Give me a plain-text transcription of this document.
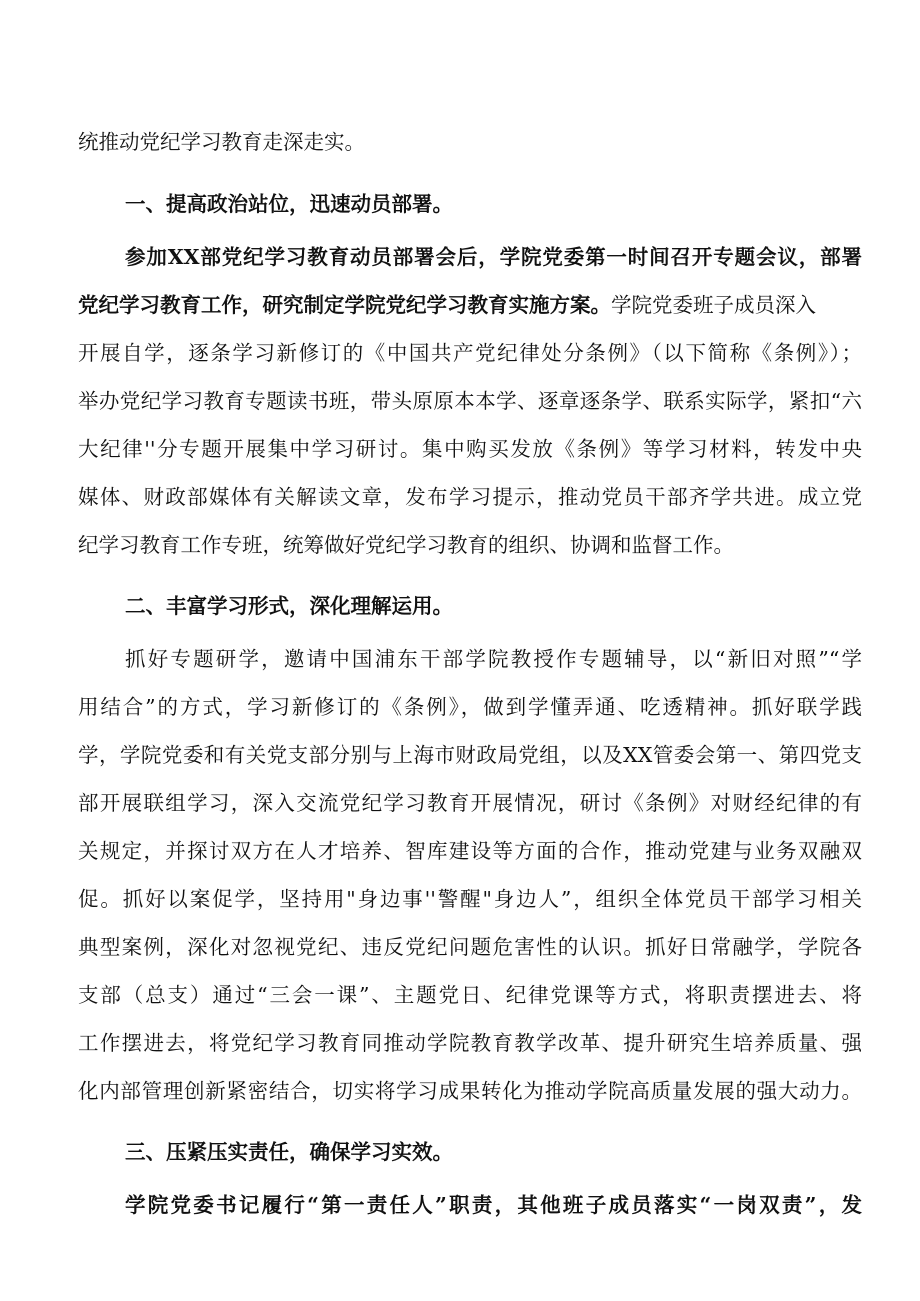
统推动党纪学习教育走深走实。
一、提高政治站位，迅速动员部署。
参加XX部党纪学习教育动员部署会后，学院党委第一时间召开专题会议，部署
党纪学习教育工作，研究制定学院党纪学习教育实施方案。学院党委班子成员深入
开展自学，逐条学习新修订的《中国共产党纪律处分条例》（以下简称《条例》）；
举办党纪学习教育专题读书班，带头原原本本学、逐章逐条学、联系实际学，紧扣“六
大纪律''分专题开展集中学习研讨。集中购买发放《条例》等学习材料，转发中央
媒体、财政部媒体有关解读文章，发布学习提示，推动党员干部齐学共进。成立党
纪学习教育工作专班，统筹做好党纪学习教育的组织、协调和监督工作。
二、丰富学习形式，深化理解运用。
抓好专题研学，邀请中国浦东干部学院教授作专题辅导，以“新旧对照”“学
用结合”的方式，学习新修订的《条例》，做到学懂弄通、吃透精神。抓好联学践
学，学院党委和有关党支部分别与上海市财政局党组，以及XX管委会第一、第四党支
部开展联组学习，深入交流党纪学习教育开展情况，研讨《条例》对财经纪律的有
关规定，并探讨双方在人才培养、智库建设等方面的合作，推动党建与业务双融双
促。抓好以案促学，坚持用"身边事''警醒"身边人”，组织全体党员干部学习相关
典型案例，深化对忽视党纪、违反党纪问题危害性的认识。抓好日常融学，学院各
支部（总支）通过“三会一课”、主题党日、纪律党课等方式，将职责摆进去、将
工作摆进去，将党纪学习教育同推动学院教育教学改革、提升研究生培养质量、强
化内部管理创新紧密结合，切实将学习成果转化为推动学院高质量发展的强大动力。
三、压紧压实责任，确保学习实效。
学院党委书记履行“第一责任人”职责，其他班子成员落实“一岗双责”，发
